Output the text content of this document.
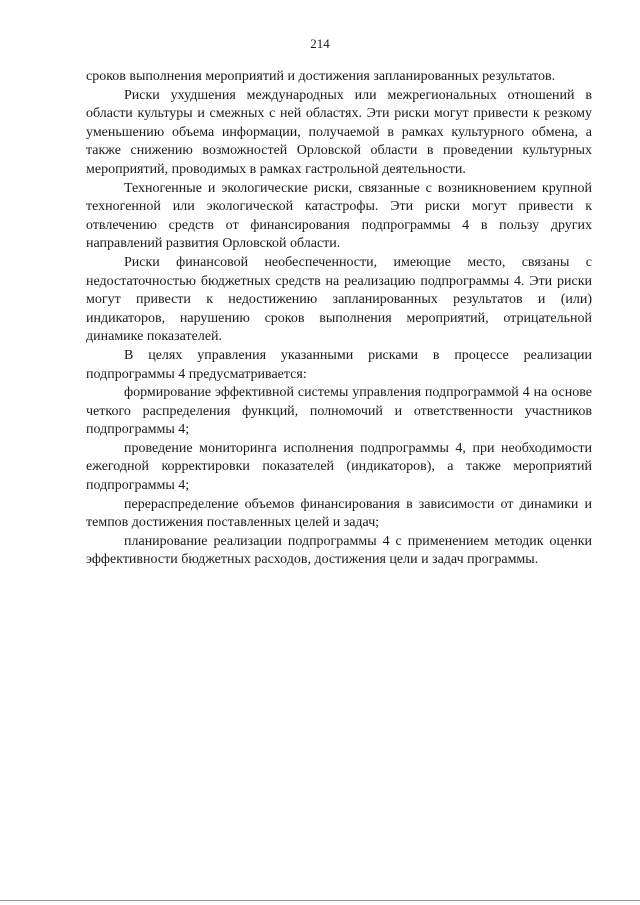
214

сроков выполнения мероприятий и достижения запланированных результатов.

Риски ухудшения международных или межрегиональных отношений в области культуры и смежных с ней областях. Эти риски могут привести к резкому уменьшению объема информации, получаемой в рамках культурного обмена, а также снижению возможностей Орловской области в проведении культурных мероприятий, проводимых в рамках гастрольной деятельности.

Техногенные и экологические риски, связанные с возникновением крупной техногенной или экологической катастрофы. Эти риски могут привести к отвлечению средств от финансирования подпрограммы 4 в пользу других направлений развития Орловской области.

Риски финансовой необеспеченности, имеющие место, связаны с недостаточностью бюджетных средств на реализацию подпрограммы 4. Эти риски могут привести к недостижению запланированных результатов и (или) индикаторов, нарушению сроков выполнения мероприятий, отрицательной динамике показателей.

В целях управления указанными рисками в процессе реализации подпрограммы 4 предусматривается:

формирование эффективной системы управления подпрограммой 4 на основе четкого распределения функций, полномочий и ответственности участников подпрограммы 4;

проведение мониторинга исполнения подпрограммы 4, при необходимости ежегодной корректировки показателей (индикаторов), а также мероприятий подпрограммы 4;

перераспределение объемов финансирования в зависимости от динамики и темпов достижения поставленных целей и задач;

планирование реализации подпрограммы 4 с применением методик оценки эффективности бюджетных расходов, достижения цели и задач программы.
